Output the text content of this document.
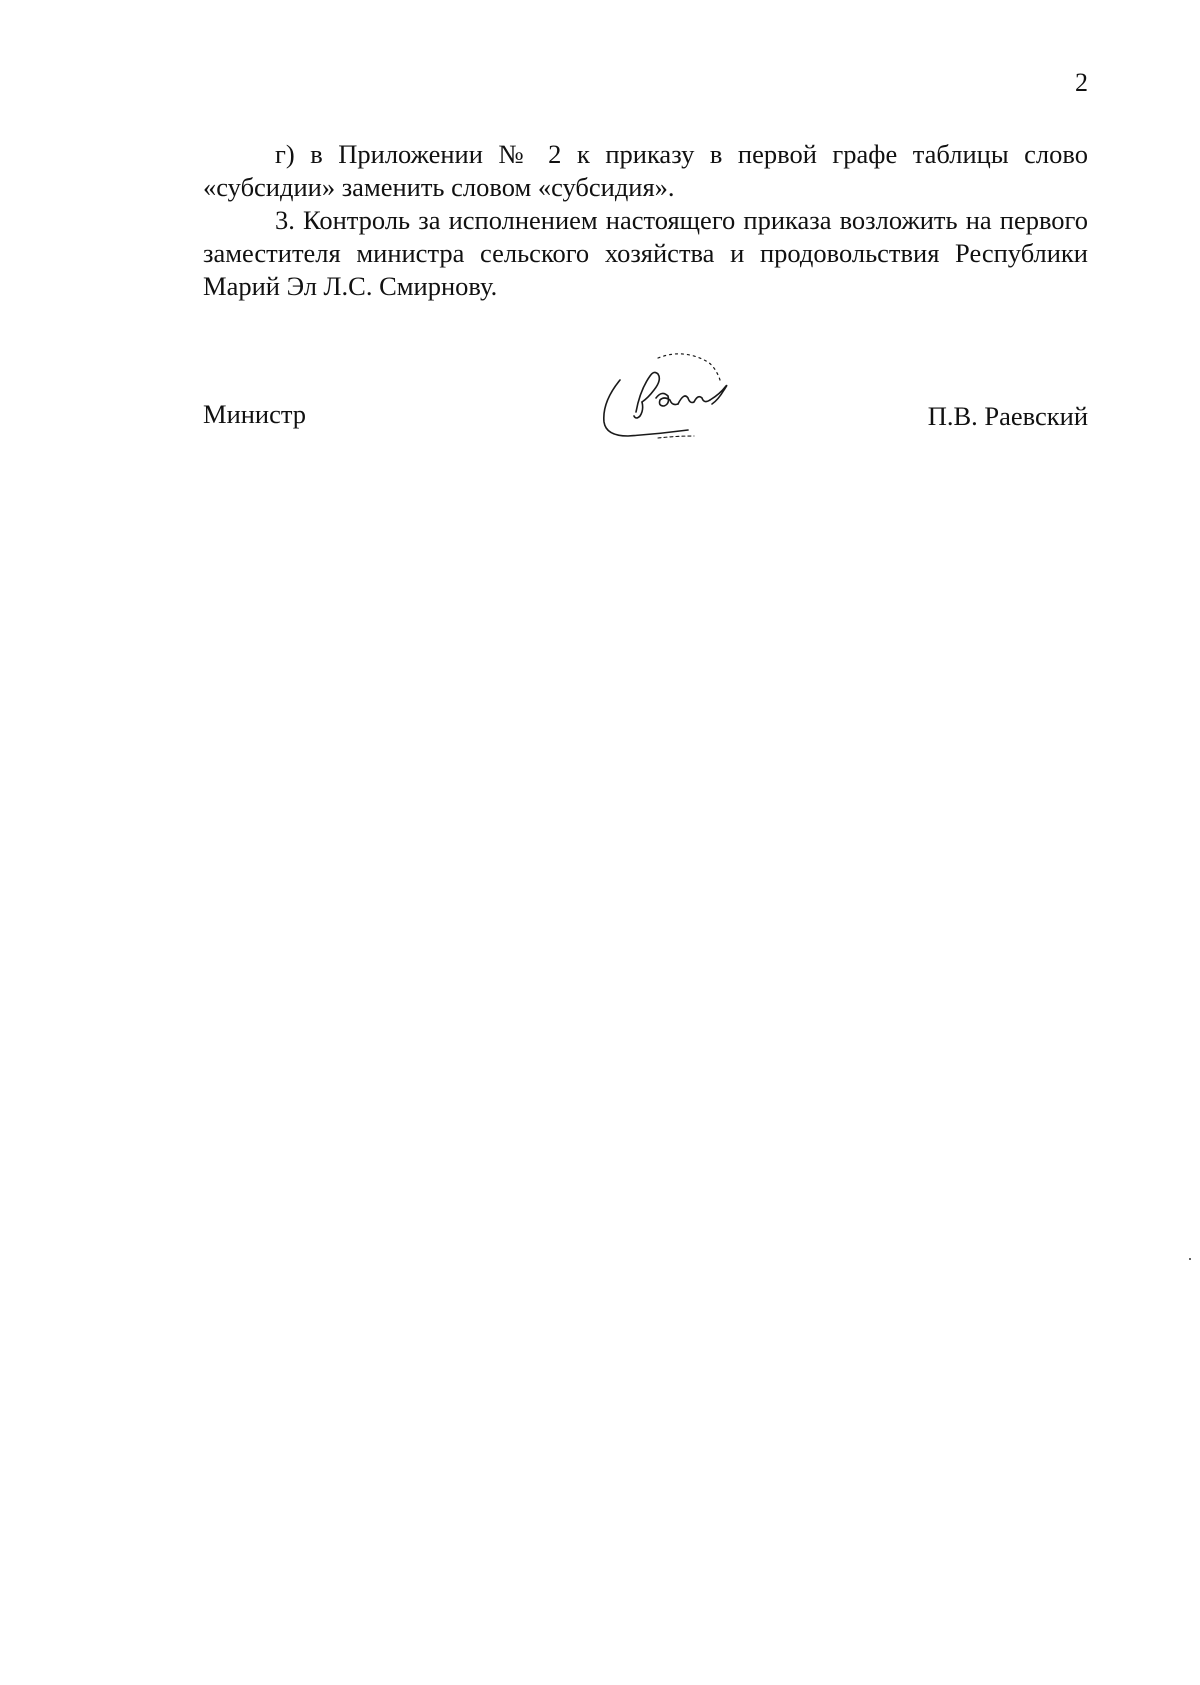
2

г) в Приложении № 2 к приказу в первой графе таблицы слово «субсидии» заменить словом «субсидия».

3. Контроль за исполнением настоящего приказа возложить на первого заместителя министра сельского хозяйства и продовольствия Республики Марий Эл Л.С. Смирнову.

Министр	П.В. Раевский
